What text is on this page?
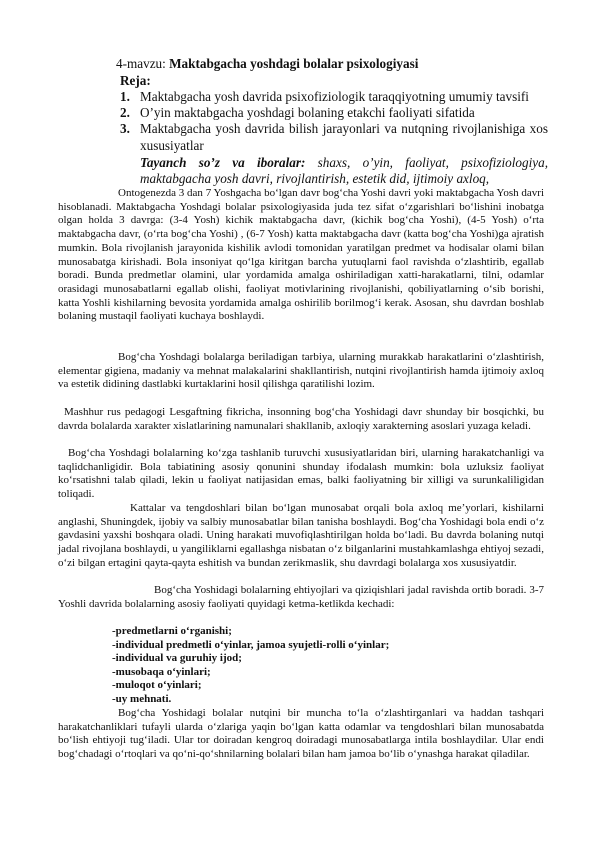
4-mavzu: Maktabgacha yoshdagi bolalar psixologiyasi
Reja:
1. Maktabgacha yosh davrida psixofiziologik taraqqiyotning umumiy tavsifi
2. O’yin maktabgacha yoshdagi bolaning etakchi faoliyati sifatida
3. Maktabgacha yosh davrida bilish jarayonlari va nutqning rivojlanishiga xos xususiyatlar
Tayanch so’z va iboralar: shaxs, o’yin, faoliyat, psixofiziologiya, maktabgacha yosh davri, rivojlantirish, estetik did, ijtimoiy axloq,

Ontogenezda 3 dan 7 Yoshgacha bo‘lgan davr bog‘cha Yoshi davri yoki maktabgacha Yosh davri hisoblanadi. Maktabgacha Yoshdagi bolalar psixologiyasida juda tez sifat o‘zgarishlari bo‘lishini inobatga olgan holda 3 davrga: (3-4 Yosh) kichik maktabgacha davr, (kichik bog‘cha Yoshi), (4-5 Yosh) o‘rta maktabgacha davr, (o‘rta bog‘cha Yoshi) , (6-7 Yosh) katta maktabgacha davr (katta bog‘cha Yoshi)ga ajratish mumkin. Bola rivojlanish jarayonida kishilik avlodi tomonidan yaratilgan predmet va hodisalar olami bilan munosabatga kirishadi. Bola insoniyat qo‘lga kiritgan barcha yutuqlarni faol ravishda o‘zlashtirib, egallab boradi. Bunda predmetlar olamini, ular yordamida amalga oshiriladigan xatti-harakatlarni, tilni, odamlar orasidagi munosabatlarni egallab olishi, faoliyat motivlarining rivojlanishi, qobiliyatlarning o‘sib borishi, katta Yoshli kishilarning bevosita yordamida amalga oshirilib borilmog‘i kerak. Asosan, shu davrdan boshlab bolaning mustaqil faoliyati kuchaya boshlaydi.

Bog‘cha Yoshdagi bolalarga beriladigan tarbiya, ularning murakkab harakatlarini o‘zlashtirish, elementar gigiena, madaniy va mehnat malakalarini shakllantirish, nutqini rivojlantirish hamda ijtimoiy axloq va estetik didining dastlabki kurtaklarini hosil qilishga qaratilishi lozim.

Mashhur rus pedagogi Lesgaftning fikricha, insonning bog‘cha Yoshidagi davr shunday bir bosqichki, bu davrda bolalarda xarakter xislatlarining namunalari shakllanib, axloqiy xarakterning asoslari yuzaga keladi.

Bog‘cha Yoshdagi bolalarning ko‘zga tashlanib turuvchi xususiyatlaridan biri, ularning harakatchanligi va taqlidchanligidir. Bola tabiatining asosiy qonunini shunday ifodalash mumkin: bola uzluksiz faoliyat ko‘rsatishni talab qiladi, lekin u faoliyat natijasidan emas, balki faoliyatning bir xilligi va surunkaliligidan toliqadi.

Kattalar va tengdoshlari bilan bo‘lgan munosabat orqali bola axloq me’yorlari, kishilarni anglashi, Shuningdek, ijobiy va salbiy munosabatlar bilan tanisha boshlaydi. Bog‘cha Yoshidagi bola endi o‘z gavdasini yaxshi boshqara oladi. Uning harakati muvofiqlashtirilgan holda bo‘ladi. Bu davrda bolaning nutqi jadal rivojlana boshlaydi, u yangiliklarni egallashga nisbatan o‘z bilganlarini mustahkamlashga ehtiyoj sezadi, o‘zi bilgan ertagini qayta-qayta eshitish va bundan zerikmaslik, shu davrdagi bolalarga xos xususiyatdir.

Bog‘cha Yoshidagi bolalarning ehtiyojlari va qiziqishlari jadal ravishda ortib boradi. 3-7 Yoshli davrida bolalarning asosiy faoliyati quyidagi ketma-ketlikda kechadi:

-predmetlarni o‘rganishi;
-individual predmetli o‘yinlar, jamoa syujetli-rolli o‘yinlar;
-individual va guruhiy ijod;
-musobaqa o‘yinlari;
-muloqot o‘yinlari;
-uy mehnati.

Bog‘cha Yoshidagi bolalar nutqini bir muncha to‘la o‘zlashtirganlari va haddan tashqari harakatchanliklari tufayli ularda o‘zlariga yaqin bo‘lgan katta odamlar va tengdoshlari bilan munosabatda bo‘lish ehtiyoji tug‘iladi. Ular tor doiradan kengroq doiradagi munosabatlarga intila boshlaydilar. Ular endi bog‘chadagi o‘rtoqlari va qo‘ni-qo‘shnilarning bolalari bilan ham jamoa bo‘lib o‘ynashga harakat qiladilar.
